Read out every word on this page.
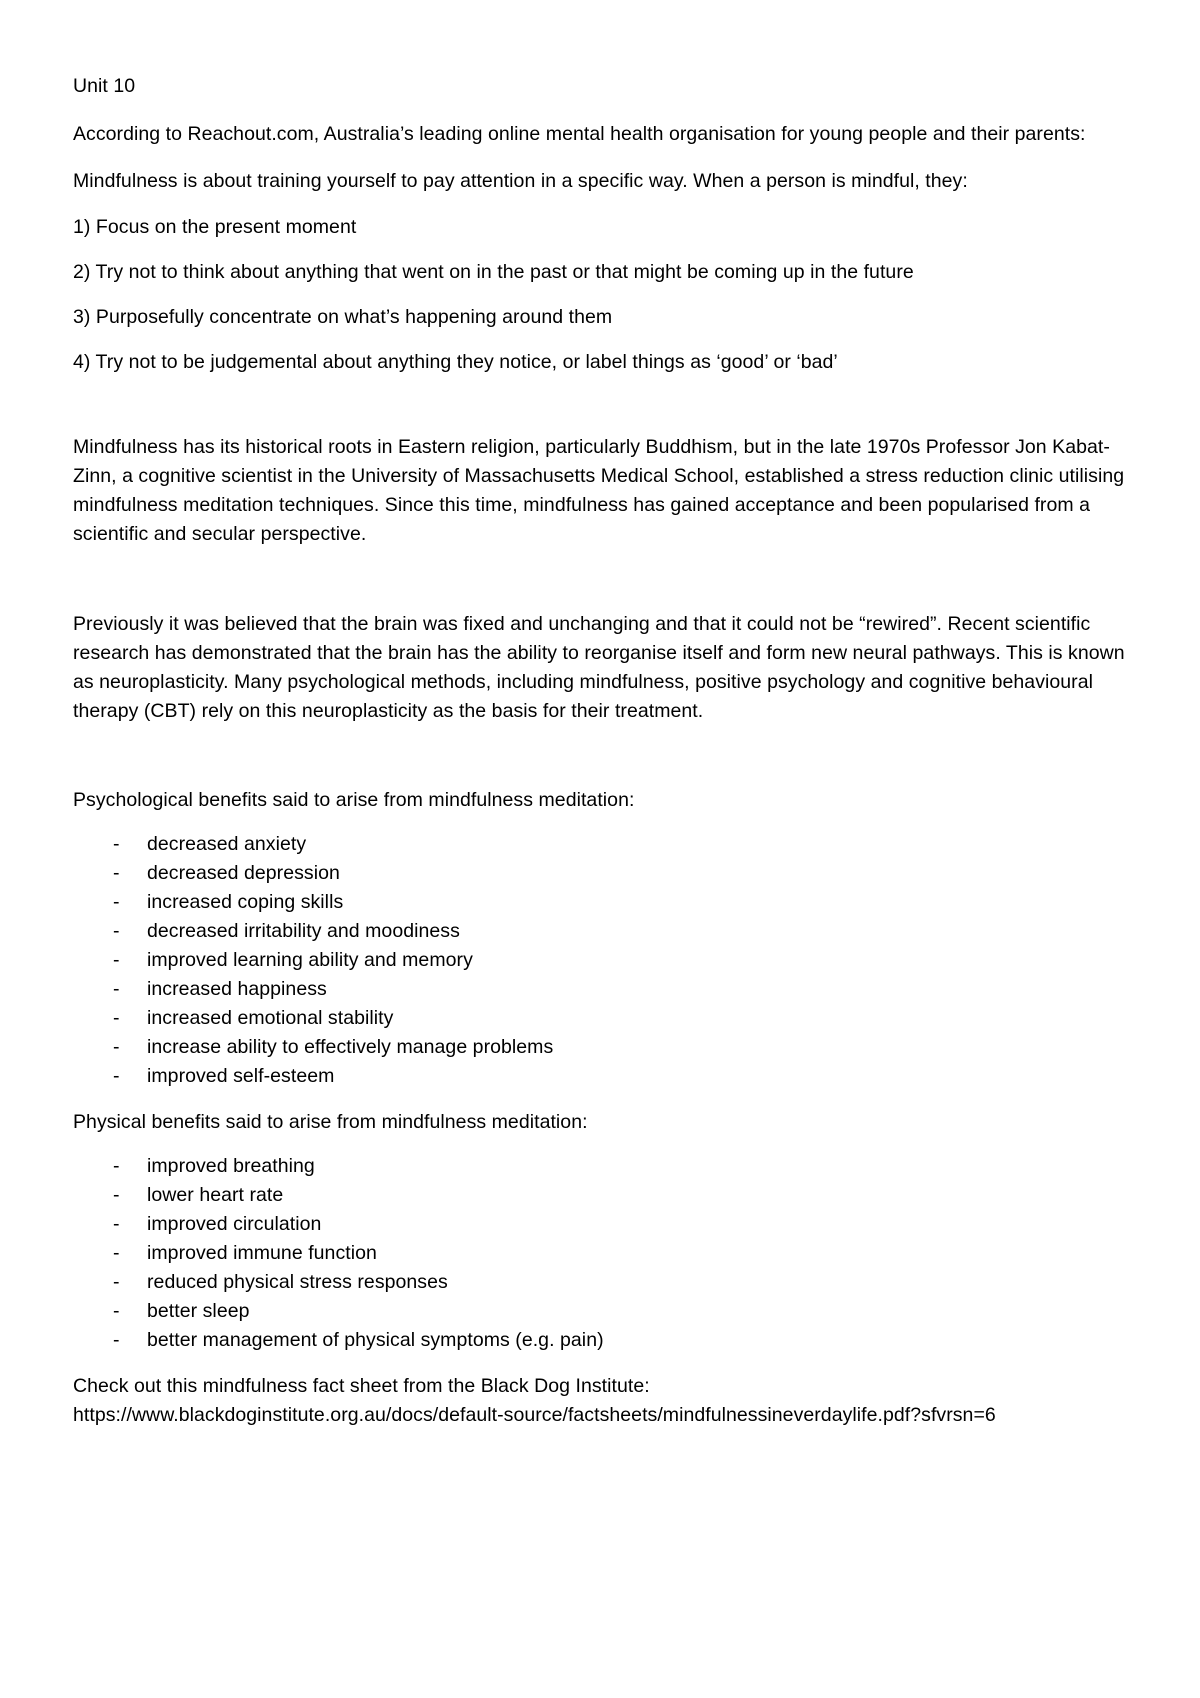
Unit 10

According to Reachout.com, Australia’s leading online mental health organisation for young people and their parents:

Mindfulness is about training yourself to pay attention in a specific way. When a person is mindful, they:

1) Focus on the present moment

2) Try not to think about anything that went on in the past or that might be coming up in the future

3) Purposefully concentrate on what’s happening around them

4) Try not to be judgemental about anything they notice, or label things as ‘good’ or ‘bad’

Mindfulness has its historical roots in Eastern religion, particularly Buddhism, but in the late 1970s Professor Jon Kabat-Zinn, a cognitive scientist in the University of Massachusetts Medical School, established a stress reduction clinic utilising mindfulness meditation techniques. Since this time, mindfulness has gained acceptance and been popularised from a scientific and secular perspective.

Previously it was believed that the brain was fixed and unchanging and that it could not be “rewired”. Recent scientific research has demonstrated that the brain has the ability to reorganise itself and form new neural pathways. This is known as neuroplasticity. Many psychological methods, including mindfulness, positive psychology and cognitive behavioural therapy (CBT) rely on this neuroplasticity as the basis for their treatment.

Psychological benefits said to arise from mindfulness meditation:

- decreased anxiety
- decreased depression
- increased coping skills
- decreased irritability and moodiness
- improved learning ability and memory
- increased happiness
- increased emotional stability
- increase ability to effectively manage problems
- improved self-esteem

Physical benefits said to arise from mindfulness meditation:

- improved breathing
- lower heart rate
- improved circulation
- improved immune function
- reduced physical stress responses
- better sleep
- better management of physical symptoms (e.g. pain)

Check out this mindfulness fact sheet from the Black Dog Institute:

https://www.blackdoginstitute.org.au/docs/default-source/factsheets/mindfulnessineverdaylife.pdf?sfvrsn=6
